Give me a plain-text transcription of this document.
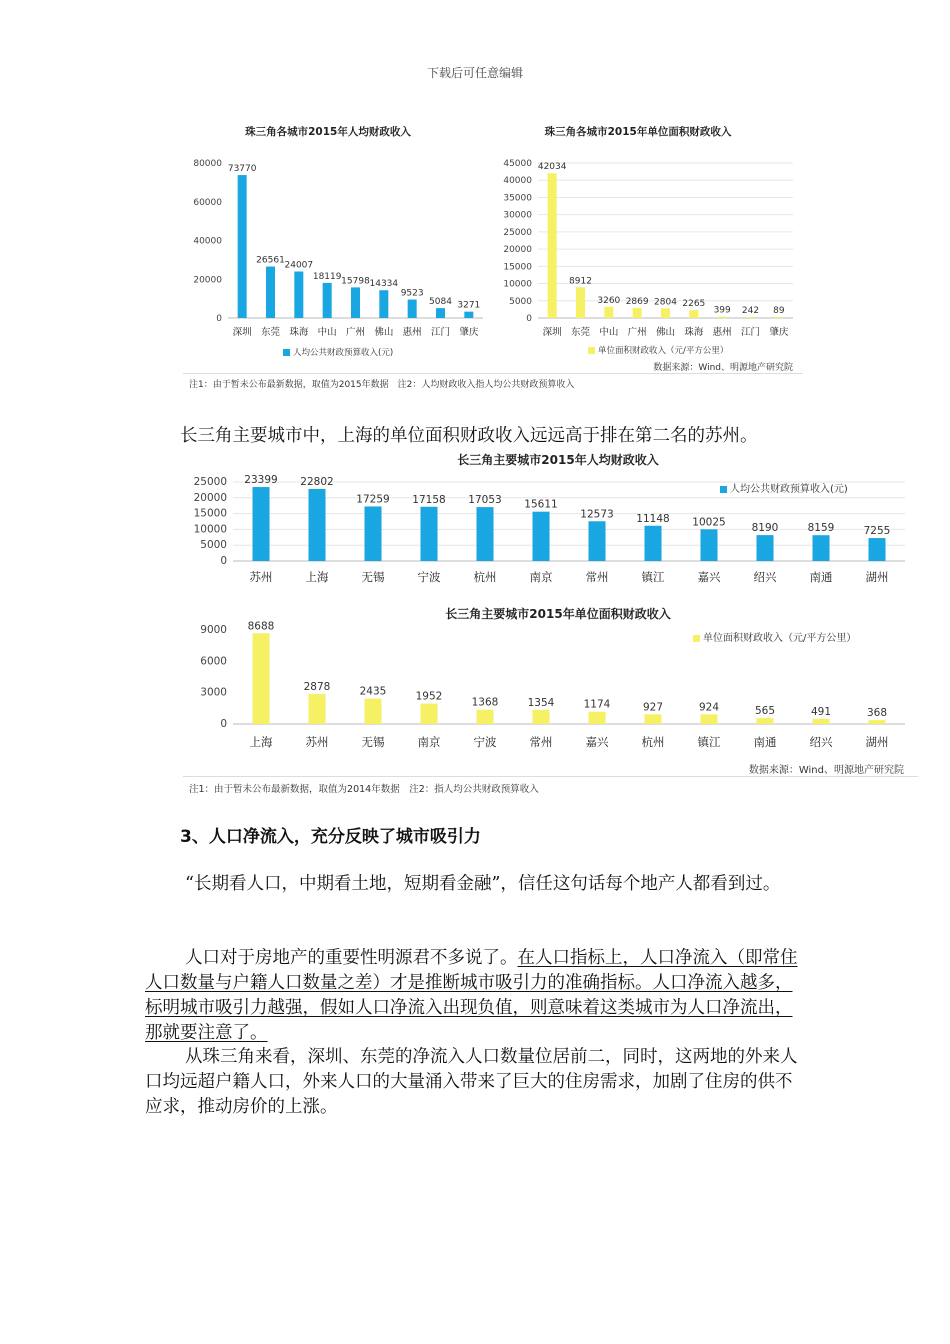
下载后可任意编辑
珠三角各城市2015年人均财政收入
80000
60000
40000
20000
0
73770
深圳
26561
东莞
24007
珠海
18119
中山
15798
广州
14334
佛山
9523
惠州
5084
江门
3271
肇庆
人均公共财政预算收入(元)
珠三角各城市2015年单位面积财政收入
45000
40000
35000
30000
25000
20000
15000
10000
5000
0
42034
深圳
8912
东莞
3260
中山
2869
广州
2804
佛山
2265
珠海
399
惠州
242
江门
89
肇庆
单位面积财政收入（元/平方公里）
数据来源：Wind、明源地产研究院
注1：由于暂未公布最新数据，取值为2015年数据　注2：人均财政收入指人均公共财政预算收入
长三角主要城市中，上海的单位面积财政收入远远高于排在第二名的苏州。
长三角主要城市2015年人均财政收入
25000
20000
15000
10000
5000
0
23399
苏州
22802
上海
17259
无锡
17158
宁波
17053
杭州
15611
南京
12573
常州
11148
镇江
10025
嘉兴
8190
绍兴
8159
南通
7255
湖州
人均公共财政预算收入(元)
长三角主要城市2015年单位面积财政收入
9000
6000
3000
0
8688
上海
2878
苏州
2435
无锡
1952
南京
1368
宁波
1354
常州
1174
嘉兴
927
杭州
924
镇江
565
南通
491
绍兴
368
湖州
单位面积财政收入（元/平方公里）
数据来源：Wind、明源地产研究院
注1：由于暂未公布最新数据，取值为2014年数据　注2：指人均公共财政预算收入
3、人口净流入，充分反映了城市吸引力
“长期看人口，中期看土地，短期看金融”，信任这句话每个地产人都看到过。
人口对于房地产的重要性明源君不多说了。在人口指标上，人口净流入（即常住人口数量与户籍人口数量之差）才是推断城市吸引力的准确指标。人口净流入越多，标明城市吸引力越强，假如人口净流入出现负值，则意味着这类城市为人口净流出，那就要注意了。
从珠三角来看，深圳、东莞的净流入人口数量位居前二，同时，这两地的外来人口均远超户籍人口，外来人口的大量涌入带来了巨大的住房需求，加剧了住房的供不应求，推动房价的上涨。
